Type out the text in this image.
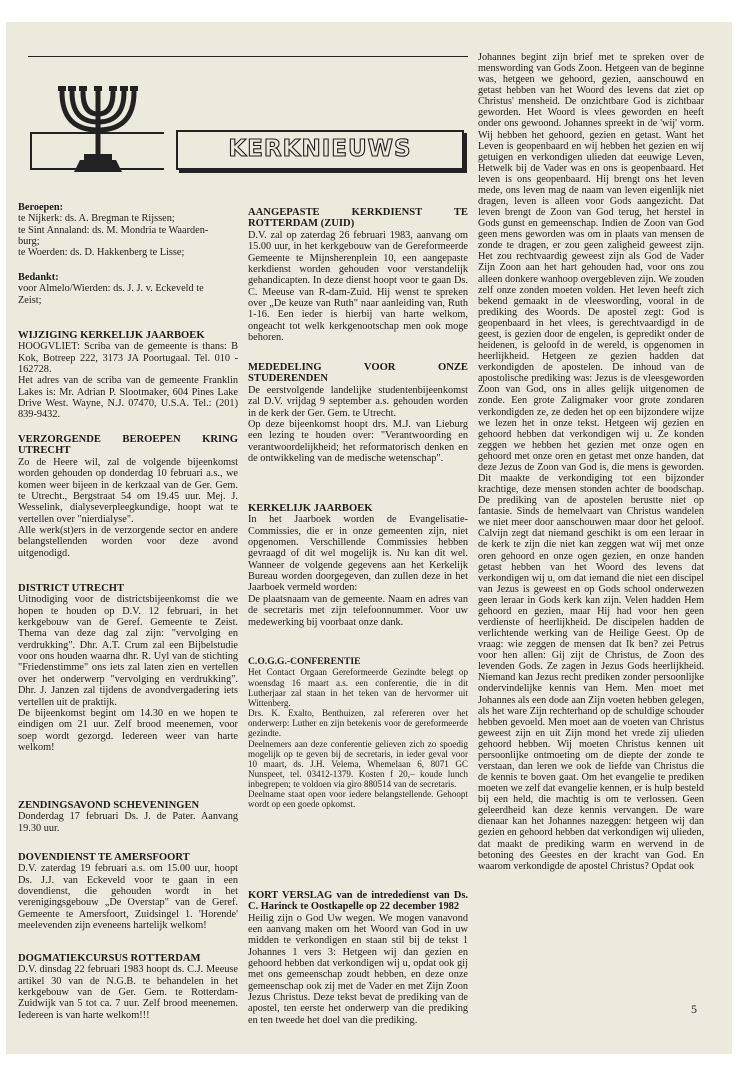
KERKNIEUWS

Beroepen:

te Nijkerk: ds. A. Bregman te Rijssen;

te Sint Annaland: ds. M. Mondria te Waarden-

burg;

te Woerden: ds. D. Hakkenberg te Lisse;

Bedankt:

voor Almelo/Wierden: ds. J. J. v. Eckeveld te

Zeist;

WIJZIGING KERKELIJK JAARBOEK

HOOGVLIET: Scriba van de gemeente is thans: B Kok, Botreep 222, 3173 JA Poortugaal. Tel. 010 - 162728.

Het adres van de scriba van de gemeente Franklin Lakes is: Mr. Adrian P. Slootmaker, 604 Pines Lake Drive West. Wayne, N.J. 07470, U.S.A. Tel.: (201) 839-9432.

VERZORGENDE BEROEPEN KRING UTRECHT

Zo de Heere wil, zal de volgende bijeenkomst worden gehouden op donderdag 10 februari a.s., we komen weer bijeen in de kerkzaal van de Ger. Gem. te Utrecht., Bergstraat 54 om 19.45 uur. Mej. J. Wesselink, dialyseverpleegkundige, hoopt wat te vertellen over "nierdialyse".

Alle werk(st)ers in de verzorgende sector en andere belangstellenden worden voor deze avond uitgenodigd.

DISTRICT UTRECHT

Uitnodiging voor de districtsbijeenkomst die we hopen te houden op D.V. 12 februari, in het kerkgebouw van de Geref. Gemeente te Zeist. Thema van deze dag zal zijn: "vervolging en verdrukking". Dhr. A.T. Crum zal een Bijbelstudie voor ons houden waarna dhr. R. Uyl van de stichting "Friedenstimme" ons iets zal laten zien en vertellen over het onderwerp "vervolging en verdrukking". Dhr. J. Janzen zal tijdens de avondvergadering iets vertellen uit de praktijk.

De bijeenkomst begint om 14.30 en we hopen te eindigen om 21 uur. Zelf brood meenemen, voor soep wordt gezorgd. Iedereen weer van harte welkom!

ZENDINGSAVOND SCHEVENINGEN

Donderdag 17 februari Ds. J. de Pater. Aanvang 19.30 uur.

DOVENDIENST TE AMERSFOORT

D.V. zaterdag 19 februari a.s. om 15.00 uur, hoopt Ds. J.J. van Eckeveld voor te gaan in een dovendienst, die gehouden wordt in het verenigingsgebouw „De Overstap" van de Geref. Gemeente te Amersfoort, Zuidsingel 1. 'Horende' meelevenden zijn eveneens hartelijk welkom!

DOGMATIEKCURSUS ROTTERDAM

D.V. dinsdag 22 februari 1983 hoopt ds. C.J. Meeuse artikel 30 van de N.G.B. te behandelen in het kerkgebouw van de Ger. Gem. te Rotterdam-Zuidwijk van 5 tot ca. 7 uur. Zelf brood meenemen. Iedereen is van harte welkom!!!

AANGEPASTE KERKDIENST TE ROTTERDAM (ZUID)

D.V. zal op zaterdag 26 februari 1983, aanvang om 15.00 uur, in het kerkgebouw van de Gereformeerde Gemeente te Mijnsherenplein 10, een aangepaste kerkdienst worden gehouden voor verstandelijk gehandicapten. In deze dienst hoopt voor te gaan Ds. C. Meeuse van R-dam-Zuid. Hij wenst te spreken over „De keuze van Ruth" naar aanleiding van, Ruth 1-16. Een ieder is hierbij van harte welkom, ongeacht tot welk kerkgenootschap men ook moge behoren.

MEDEDELING VOOR ONZE STUDERENDEN

De eerstvolgende landelijke studentenbijeenkomst zal D.V. vrijdag 9 september a.s. gehouden worden in de kerk der Ger. Gem. te Utrecht.

Op deze bijeenkomst hoopt drs. M.J. van Lieburg een lezing te houden over: "Verantwoording en verantwoordelijkheid; het reformatorisch denken en de ontwikkeling van de medische wetenschap".

KERKELIJK JAARBOEK

In het Jaarboek worden de Evangelisatie-Commissies, die er in onze gemeenten zijn, niet opgenomen. Verschillende Commissies hebben gevraagd of dit wel mogelijk is. Nu kan dit wel. Wanneer de volgende gegevens aan het Kerkelijk Bureau worden doorgegeven, dan zullen deze in het Jaarboek vermeld worden:

De plaatsnaam van de gemeente. Naam en adres van de secretaris met zijn telefoonnummer. Voor uw medewerking bij voorbaat onze dank.

C.O.G.G.-CONFERENTIE

Het Contact Orgaan Gereformeerde Gezindte belegt op woensdag 16 maart a.s. een conferentie, die in dit Lutherjaar zal staan in het teken van de hervormer uit Wittenberg.

Drs. K. Exalto, Benthuizen, zal refereren over het onderwerp: Luther en zijn betekenis voor de gereformeerde gezindte.

Deelnemers aan deze conferentie gelieven zich zo spoedig mogelijk op te geven bij de secretaris, in ieder geval voor 10 maart, ds. J.H. Velema, Whemelaan 6, 8071 GC Nunspeet, tel. 03412-1379. Kosten f 20,– koude lunch inbegrepen; te voldoen via giro 880514 van de secretaris.

Deelname staat open voor iedere belangstellende. Gehoopt wordt op een goede opkomst.

KORT VERSLAG van de intrededienst van Ds. C. Harinck te Oostkapelle op 22 december 1982

Heilig zijn o God Uw wegen. We mogen vanavond een aanvang maken om het Woord van God in uw midden te verkondigen en staan stil bij de tekst 1 Johannes 1 vers 3: Hetgeen wij dan gezien en gehoord hebben dat verkondigen wij u, opdat ook gij met ons gemeenschap zoudt hebben, en deze onze gemeenschap ook zij met de Vader en met Zijn Zoon Jezus Christus. Deze tekst bevat de prediking van de apostel, ten eerste het onderwerp van die prediking en ten tweede het doel van die prediking.

Johannes begint zijn brief met te spreken over de menswording van Gods Zoon. Hetgeen van de beginne was, hetgeen we gehoord, gezien, aanschouwd en getast hebben van het Woord des levens dat ziet op Christus' mensheid. De onzichtbare God is zichtbaar geworden. Het Woord is vlees geworden en heeft onder ons gewoond. Johannes spreekt in de 'wij' vorm. Wij hebben het gehoord, gezien en getast. Want het Leven is geopenbaard en wij hebben het gezien en wij getuigen en verkondigen ulieden dat eeuwige Leven, Hetwelk bij de Vader was en ons is geopenbaard. Het leven is ons geopenbaard. Hij brengt ons het leven mede, ons leven mag de naam van leven eigenlijk niet dragen, leven is alleen voor Gods aangezicht. Dat leven brengt de Zoon van God terug, het herstel in Gods gunst en gemeenschap. Indien de Zoon van God geen mens geworden was om in plaats van mensen de zonde te dragen, er zou geen zaligheid geweest zijn. Het zou rechtvaardig geweest zijn als God de Vader Zijn Zoon aan het hart gehouden had, voor ons zou alleen donkere wanhoop overgebleven zijn. We zouden zelf onze zonden moeten volden. Het leven heeft zich bekend gemaakt in de vleeswording, vooral in de prediking des Woords. De apostel zegt: God is geopenbaard in het vlees, is gerechtvaardigd in de geest, is gezien door de engelen, is gepredikt onder de heidenen, is geloofd in de wereld, is opgenomen in heerlijkheid. Hetgeen ze gezien hadden dat verkondigden de apostelen. De inhoud van de apostolische prediking was: Jezus is de vleesgeworden Zoon van God, ons in alles gelijk uitgenomen de zonde. Een grote Zaligmaker voor grote zondaren verkondigden ze, ze deden het op een bijzondere wijze we lezen het in onze tekst. Hetgeen wij gezien en gehoord hebben dat verkondigen wij u. Ze konden zeggen we hebben het gezien met onze ogen en gehoord met onze oren en getast met onze handen, dat deze Jezus de Zoon van God is, die mens is geworden. Dit maakte de verkondiging tot een bijzonder krachtige, deze mensen stonden achter de boodschap. De prediking van de apostelen berustte niet op fantasie. Sinds de hemelvaart van Christus wandelen we niet meer door aanschouwen maar door het geloof. Calvijn zegt dat niemand geschikt is om een leraar in de kerk te zijn die niet kan zeggen wat wij met onze oren gehoord en onze ogen gezien, en onze handen getast hebben van het Woord des levens dat verkondigen wij u, om dat iemand die niet een discipel van Jezus is geweest en op Gods school onderwezen geen leraar in Gods kerk kan zijn. Velen hadden Hem gehoord en gezien, maar Hij had voor hen geen verdienste of heerlijkheid. De discipelen hadden de verlichtende werking van de Heilige Geest. Op de vraag: wie zeggen de mensen dat Ik ben? zei Petrus voor hen allen: Gij zijt de Christus, de Zoon des levenden Gods. Ze zagen in Jezus Gods heerlijkheid. Niemand kan Jezus recht prediken zonder persoonlijke ondervindelijke kennis van Hem. Men moet met Johannes als een dode aan Zijn voeten hebben gelegen, als het ware Zijn rechterhand op de schuldige schouder hebben gevoeld. Men moet aan de voeten van Christus geweest zijn en uit Zijn mond het vrede zij ulieden gehoord hebben. Wij moeten Christus kennen uit persoonlijke ontmoeting om de diepte der zonde te verstaan, dan leren we ook de liefde van Christus die de kennis te boven gaat. Om het evangelie te prediken moeten we zelf dat evangelie kennen, er is hulp besteld bij een held, die machtig is om te verlossen. Geen geleerdheid kan deze kennis vervangen. De ware dienaar kan het Johannes nazeggen: hetgeen wij dan gezien en gehoord hebben dat verkondigen wij ulieden, dat maakt de prediking warm en wervend in de betoning des Geestes en der kracht van God. En waarom verkondigde de apostel Christus? Opdat ook

5
